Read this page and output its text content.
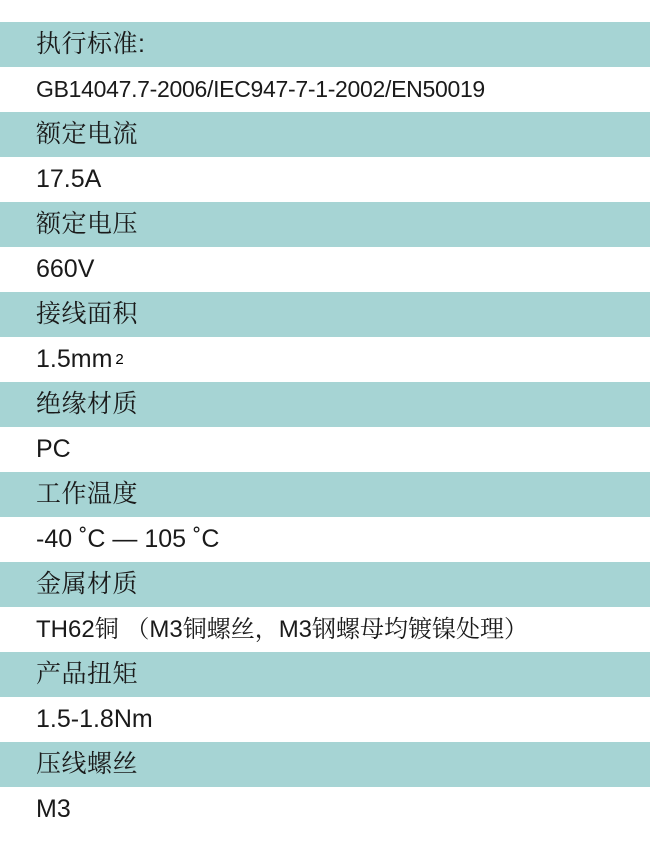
执行标准:
GB14047.7-2006/IEC947-7-1-2002/EN50019
额定电流
17.5A
额定电压
660V
接线面积
1.5mm 2
绝缘材质
PC
工作温度
-40 ˚C — 105 ˚C
金属材质
TH62铜 （M3铜螺丝，M3钢螺母均镀镍处理）
产品扭矩
1.5-1.8Nm
压线螺丝
M3
